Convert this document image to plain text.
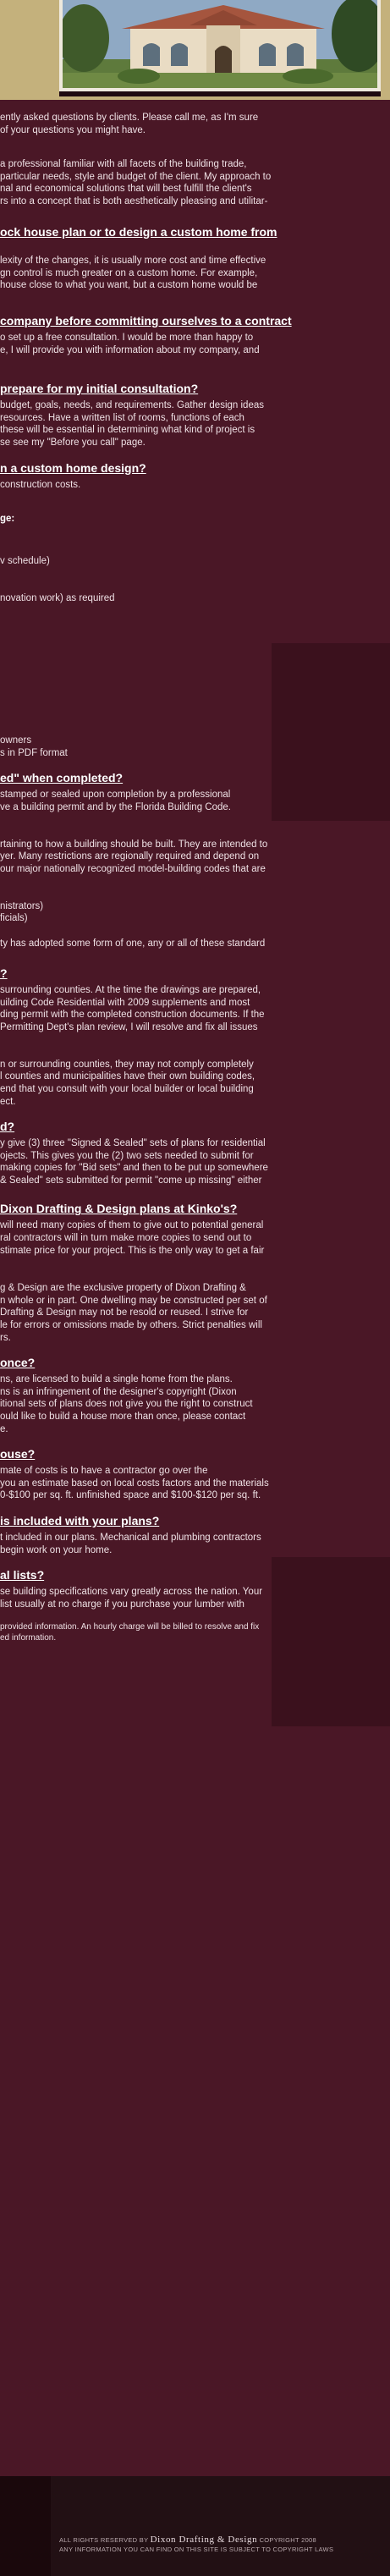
ently asked questions by clients. Please call me, as I'm sure
of your questions you might have.

a professional familiar with all facets of the building trade,
particular needs, style and budget of the client. My approach to
nal and economical solutions that will best fulfill the client's
rs into a concept that is both aesthetically pleasing and utilitar-

ock house plan or to design a custom home from

lexity of the changes, it is usually more cost and time effective
gn control is much greater on a custom home. For example,
house close to what you want, but a custom home would be

company before committing ourselves to a contract

o set up a free consultation. I would be more than happy to
e, I will provide you with information about my company, and

prepare for my initial consultation?

budget, goals, needs, and requirements. Gather design ideas
resources. Have a written list of rooms, functions of each
these will be essential in determining what kind of project is
se see my "Before you call" page.

n a custom home design?

construction costs.

ge:

v schedule)

novation work) as required

owners
s in PDF format

ed" when completed?

stamped or sealed upon completion by a professional
ve a building permit and by the Florida Building Code.

rtaining to how a building should be built. They are intended to
yer. Many restrictions are regionally required and depend on
our major nationally recognized model-building codes that are

nistrators)
ficials)

ty has adopted some form of one, any or all of these standard

?

surrounding counties. At the time the drawings are prepared,
uilding Code Residential with 2009 supplements and most
ding permit with the completed construction documents. If the
Permitting Dept's plan review, I will resolve and fix all issues

n or surrounding counties, they may not comply completely
l counties and municipalities have their own building codes,
end that you consult with your local builder or local building
ect.

d?

y give (3) three "Signed & Sealed" sets of plans for residential
ojects. This gives you the (2) two sets needed to submit for
making copies for "Bid sets" and then to be put up somewhere
& Sealed" sets submitted for permit "come up missing" either

Dixon Drafting & Design plans at Kinko's?

will need many copies of them to give out to potential general
ral contractors will in turn make more copies to send out to
stimate price for your project. This is the only way to get a fair

g & Design are the exclusive property of Dixon Drafting &
n whole or in part. One dwelling may be constructed per set of
Drafting & Design may not be resold or reused. I strive for
le for errors or omissions made by others. Strict penalties will
rs.

once?

ns, are licensed to build a single home from the plans.
ns is an infringement of the designer's copyright (Dixon
itional sets of plans does not give you the right to construct
ould like to build a house more than once, please contact
e.

ouse?

mate of costs is to have a contractor go over the
you an estimate based on local costs factors and the materials
0-$100 per sq. ft. unfinished space and $100-$120 per sq. ft.

is included with your plans?

t included in our plans. Mechanical and plumbing contractors
begin work on your home.

al lists?

se building specifications vary greatly across the nation. Your
list usually at no charge if you purchase your lumber with

provided information. An hourly charge will be billed to resolve and fix
ed information.

ALL RIGHTS RESERVED BY Dixon Drafting & Design COPYRIGHT 2008
ANY INFORMATION YOU CAN FIND ON THIS SITE IS SUBJECT TO COPYRIGHT LAWS
